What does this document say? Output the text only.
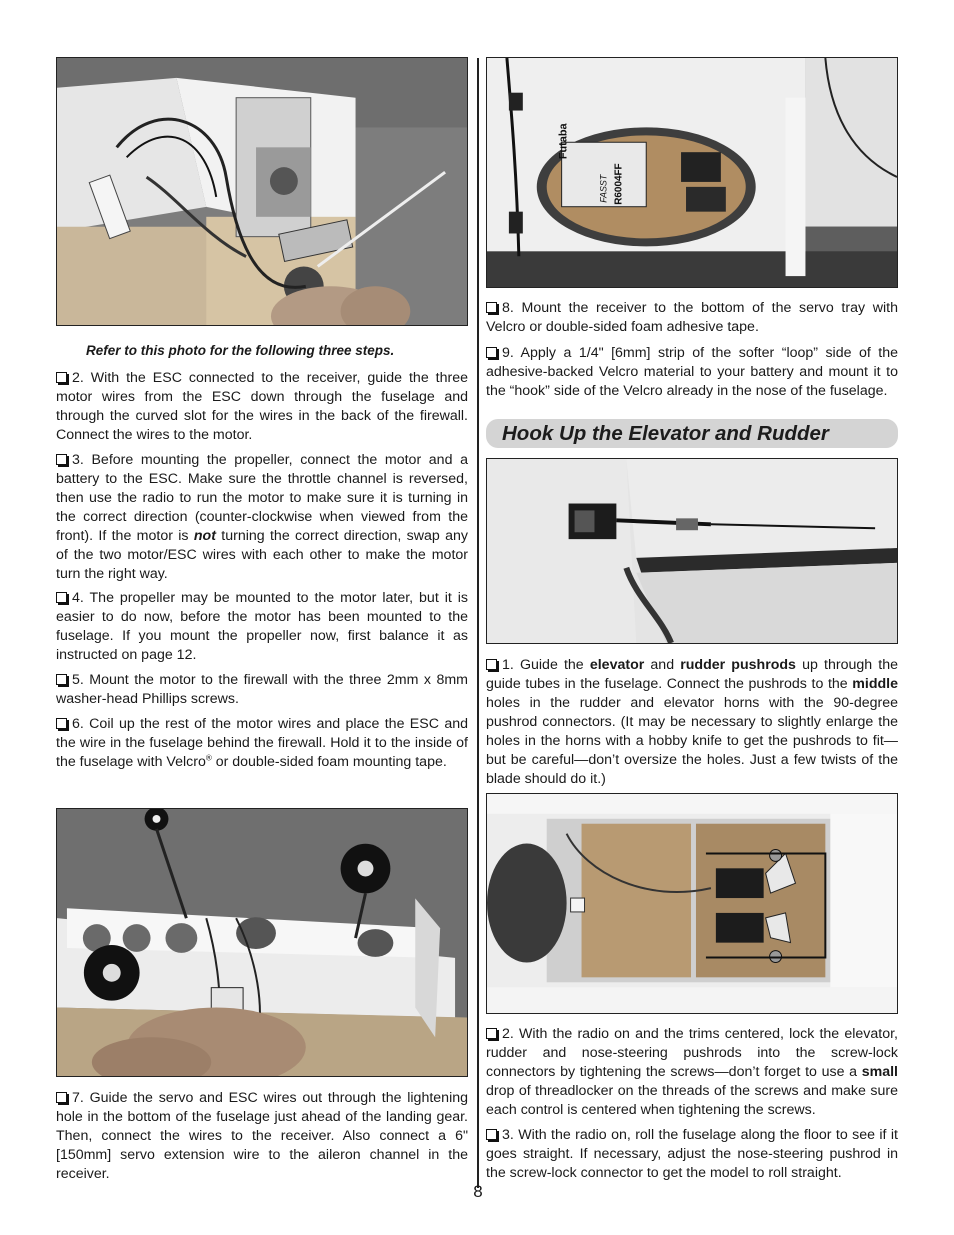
Refer to this photo for the following three steps.

2. With the ESC connected to the receiver, guide the three motor wires from the ESC down through the fuselage and through the curved slot for the wires in the back of the firewall. Connect the wires to the motor.

3. Before mounting the propeller, connect the motor and a battery to the ESC. Make sure the throttle channel is reversed, then use the radio to run the motor to make sure it is turning in the correct direction (counter-clockwise when viewed from the front). If the motor is not turning the correct direction, swap any of the two motor/ESC wires with each other to make the motor turn the right way.

4. The propeller may be mounted to the motor later, but it is easier to do now, before the motor has been mounted to the fuselage. If you mount the propeller now, first balance it as instructed on page 12.

5. Mount the motor to the firewall with the three 2mm x 8mm washer-head Phillips screws.

6. Coil up the rest of the motor wires and place the ESC and the wire in the fuselage behind the firewall. Hold it to the inside of the fuselage with Velcro® or double-sided foam mounting tape.

7. Guide the servo and ESC wires out through the lightening hole in the bottom of the fuselage just ahead of the landing gear. Then, connect the wires to the receiver. Also connect a 6" [150mm] servo extension wire to the aileron channel in the receiver.

Futaba
R6004FF
FASST

8. Mount the receiver to the bottom of the servo tray with Velcro or double-sided foam adhesive tape.

9. Apply a 1/4" [6mm] strip of the softer “loop” side of the adhesive-backed Velcro material to your battery and mount it to the “hook” side of the Velcro already in the nose of the fuselage.

Hook Up the Elevator and Rudder

1. Guide the elevator and rudder pushrods up through the guide tubes in the fuselage. Connect the pushrods to the middle holes in the rudder and elevator horns with the 90-degree pushrod connectors. (It may be necessary to slightly enlarge the holes in the horns with a hobby knife to get the pushrods to fit—but be careful—don’t oversize the holes. Just a few twists of the blade should do it.)

2. With the radio on and the trims centered, lock the elevator, rudder and nose-steering pushrods into the screw-lock connectors by tightening the screws—don’t forget to use a small drop of threadlocker on the threads of the screws and make sure each control is centered when tightening the screws.

3. With the radio on, roll the fuselage along the floor to see if it goes straight. If necessary, adjust the nose-steering pushrod in the screw-lock connector to get the model to roll straight.

8
